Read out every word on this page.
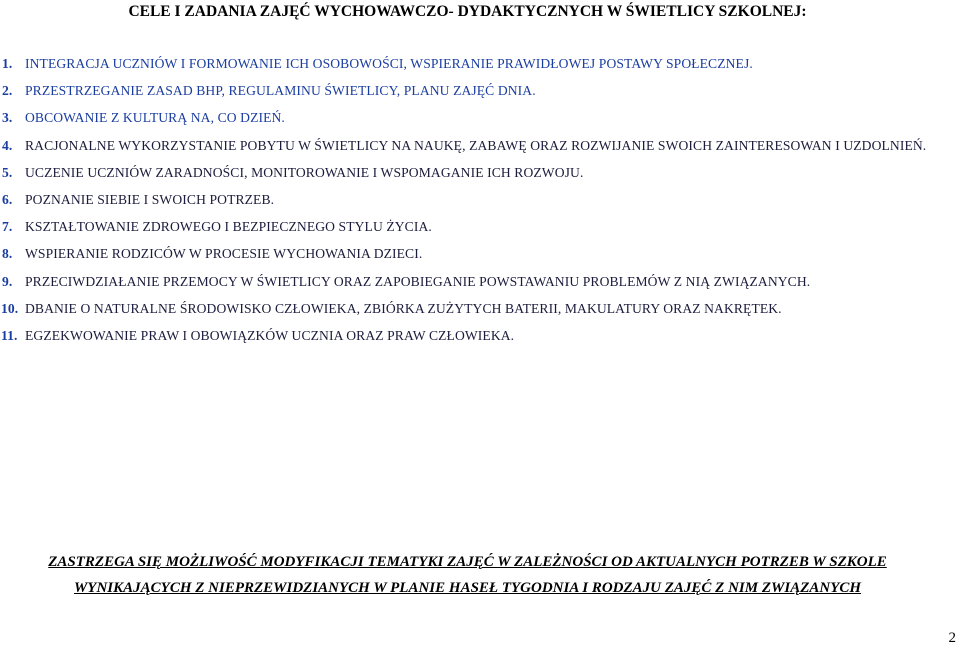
CELE I ZADANIA ZAJĘĆ WYCHOWAWCZO- DYDAKTYCZNYCH W ŚWIETLICY SZKOLNEJ:
1. INTEGRACJA UCZNIÓW I FORMOWANIE ICH OSOBOWOŚCI, WSPIERANIE PRAWIDŁOWEJ POSTAWY SPOŁECZNEJ.
2. PRZESTRZEGANIE ZASAD BHP, REGULAMINU ŚWIETLICY, PLANU ZAJĘĆ DNIA.
3. OBCOWANIE Z KULTURĄ NA, CO DZIEŃ.
4. RACJONALNE WYKORZYSTANIE POBYTU W ŚWIETLICY NA NAUKĘ, ZABAWĘ ORAZ ROZWIJANIE SWOICH ZAINTERESOWAN I UZDOLNIEŃ.
5. UCZENIE UCZNIÓW ZARADNOŚCI, MONITOROWANIE I WSPOMAGANIE ICH ROZWOJU.
6. POZNANIE SIEBIE I SWOICH POTRZEB.
7. KSZTAŁTOWANIE ZDROWEGO I BEZPIECZNEGO STYLU ŻYCIA.
8. WSPIERANIE RODZICÓW W PROCESIE WYCHOWANIA DZIECI.
9. PRZECIWDZIAŁANIE PRZEMOCY W ŚWIETLICY ORAZ ZAPOBIEGANIE POWSTAWANIU PROBLEMÓW Z NIĄ ZWIĄZANYCH.
10. DBANIE O NATURALNE ŚRODOWISKO CZŁOWIEKA, ZBIÓRKA ZUŻYTYCH BATERII, MAKULATURY ORAZ NAKRĘTEK.
11. EGZEKWOWANIE PRAW I OBOWIĄZKÓW UCZNIA ORAZ PRAW CZŁOWIEKA.
ZASTRZEGA SIĘ MOŻLIWOŚĆ MODYFIKACJI TEMATYKI ZAJĘĆ W ZALEŻNOŚCI OD AKTUALNYCH POTRZEB W SZKOLE
WYNIKAJĄCYCH Z NIEPRZEWIDZIANYCH W PLANIE HASEŁ TYGODNIA I RODZAJU ZAJĘĆ Z NIM ZWIĄZANYCH
2
